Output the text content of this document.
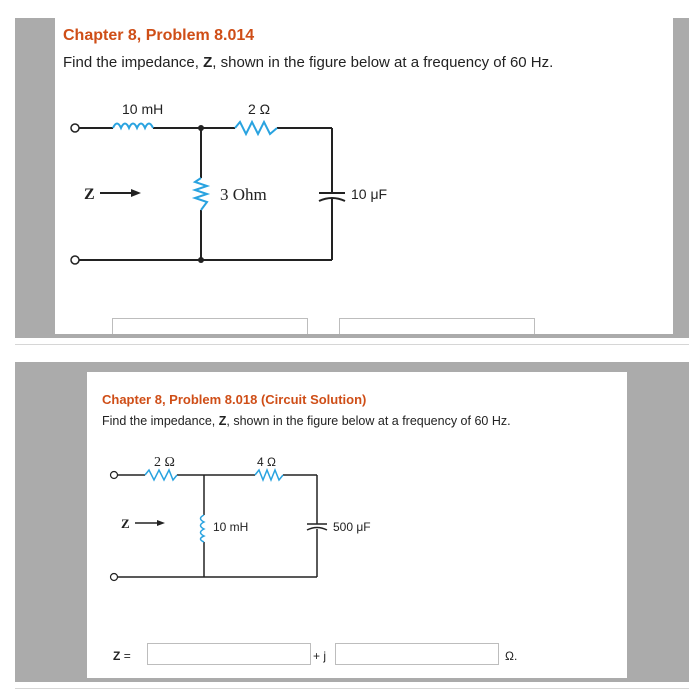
Chapter 8, Problem 8.014
Find the impedance, Z, shown in the figure below at a frequency of 60 Hz.
10 mH	2 Ω
3 Ohm	10 μF
Z
Chapter 8, Problem 8.018 (Circuit Solution)
Find the impedance, Z, shown in the figure below at a frequency of 60 Hz.
2 Ω	4 Ω
10 mH	500 μF
Z
Z =	+ j	Ω.
